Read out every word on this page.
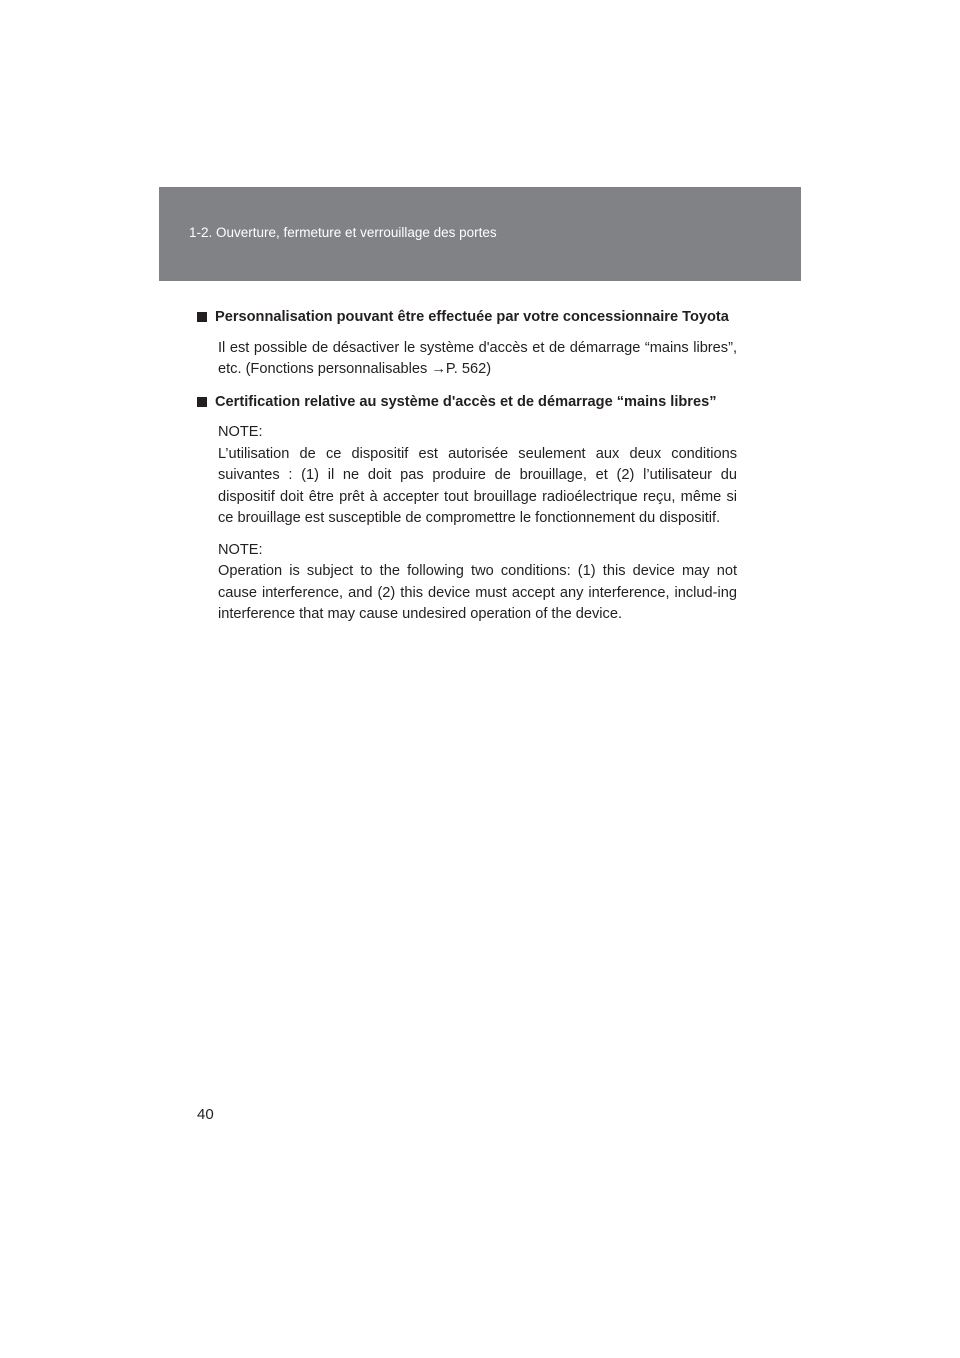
1-2. Ouverture, fermeture et verrouillage des portes
Personnalisation pouvant être effectuée par votre concessionnaire Toyota

Il est possible de désactiver le système d'accès et de démarrage “mains libres”, etc. (Fonctions personnalisables →P. 562)

Certification relative au système d'accès et de démarrage “mains libres”

NOTE:
L’utilisation de ce dispositif est autorisée seulement aux deux conditions suivantes : (1) il ne doit pas produire de brouillage, et (2) l’utilisateur du dispositif doit être prêt à accepter tout brouillage radioélectrique reçu, même si ce brouillage est susceptible de compromettre le fonctionnement du dispositif.

NOTE:
Operation is subject to the following two conditions: (1) this device may not cause interference, and (2) this device must accept any interference, includ-ing interference that may cause undesired operation of the device.

40
